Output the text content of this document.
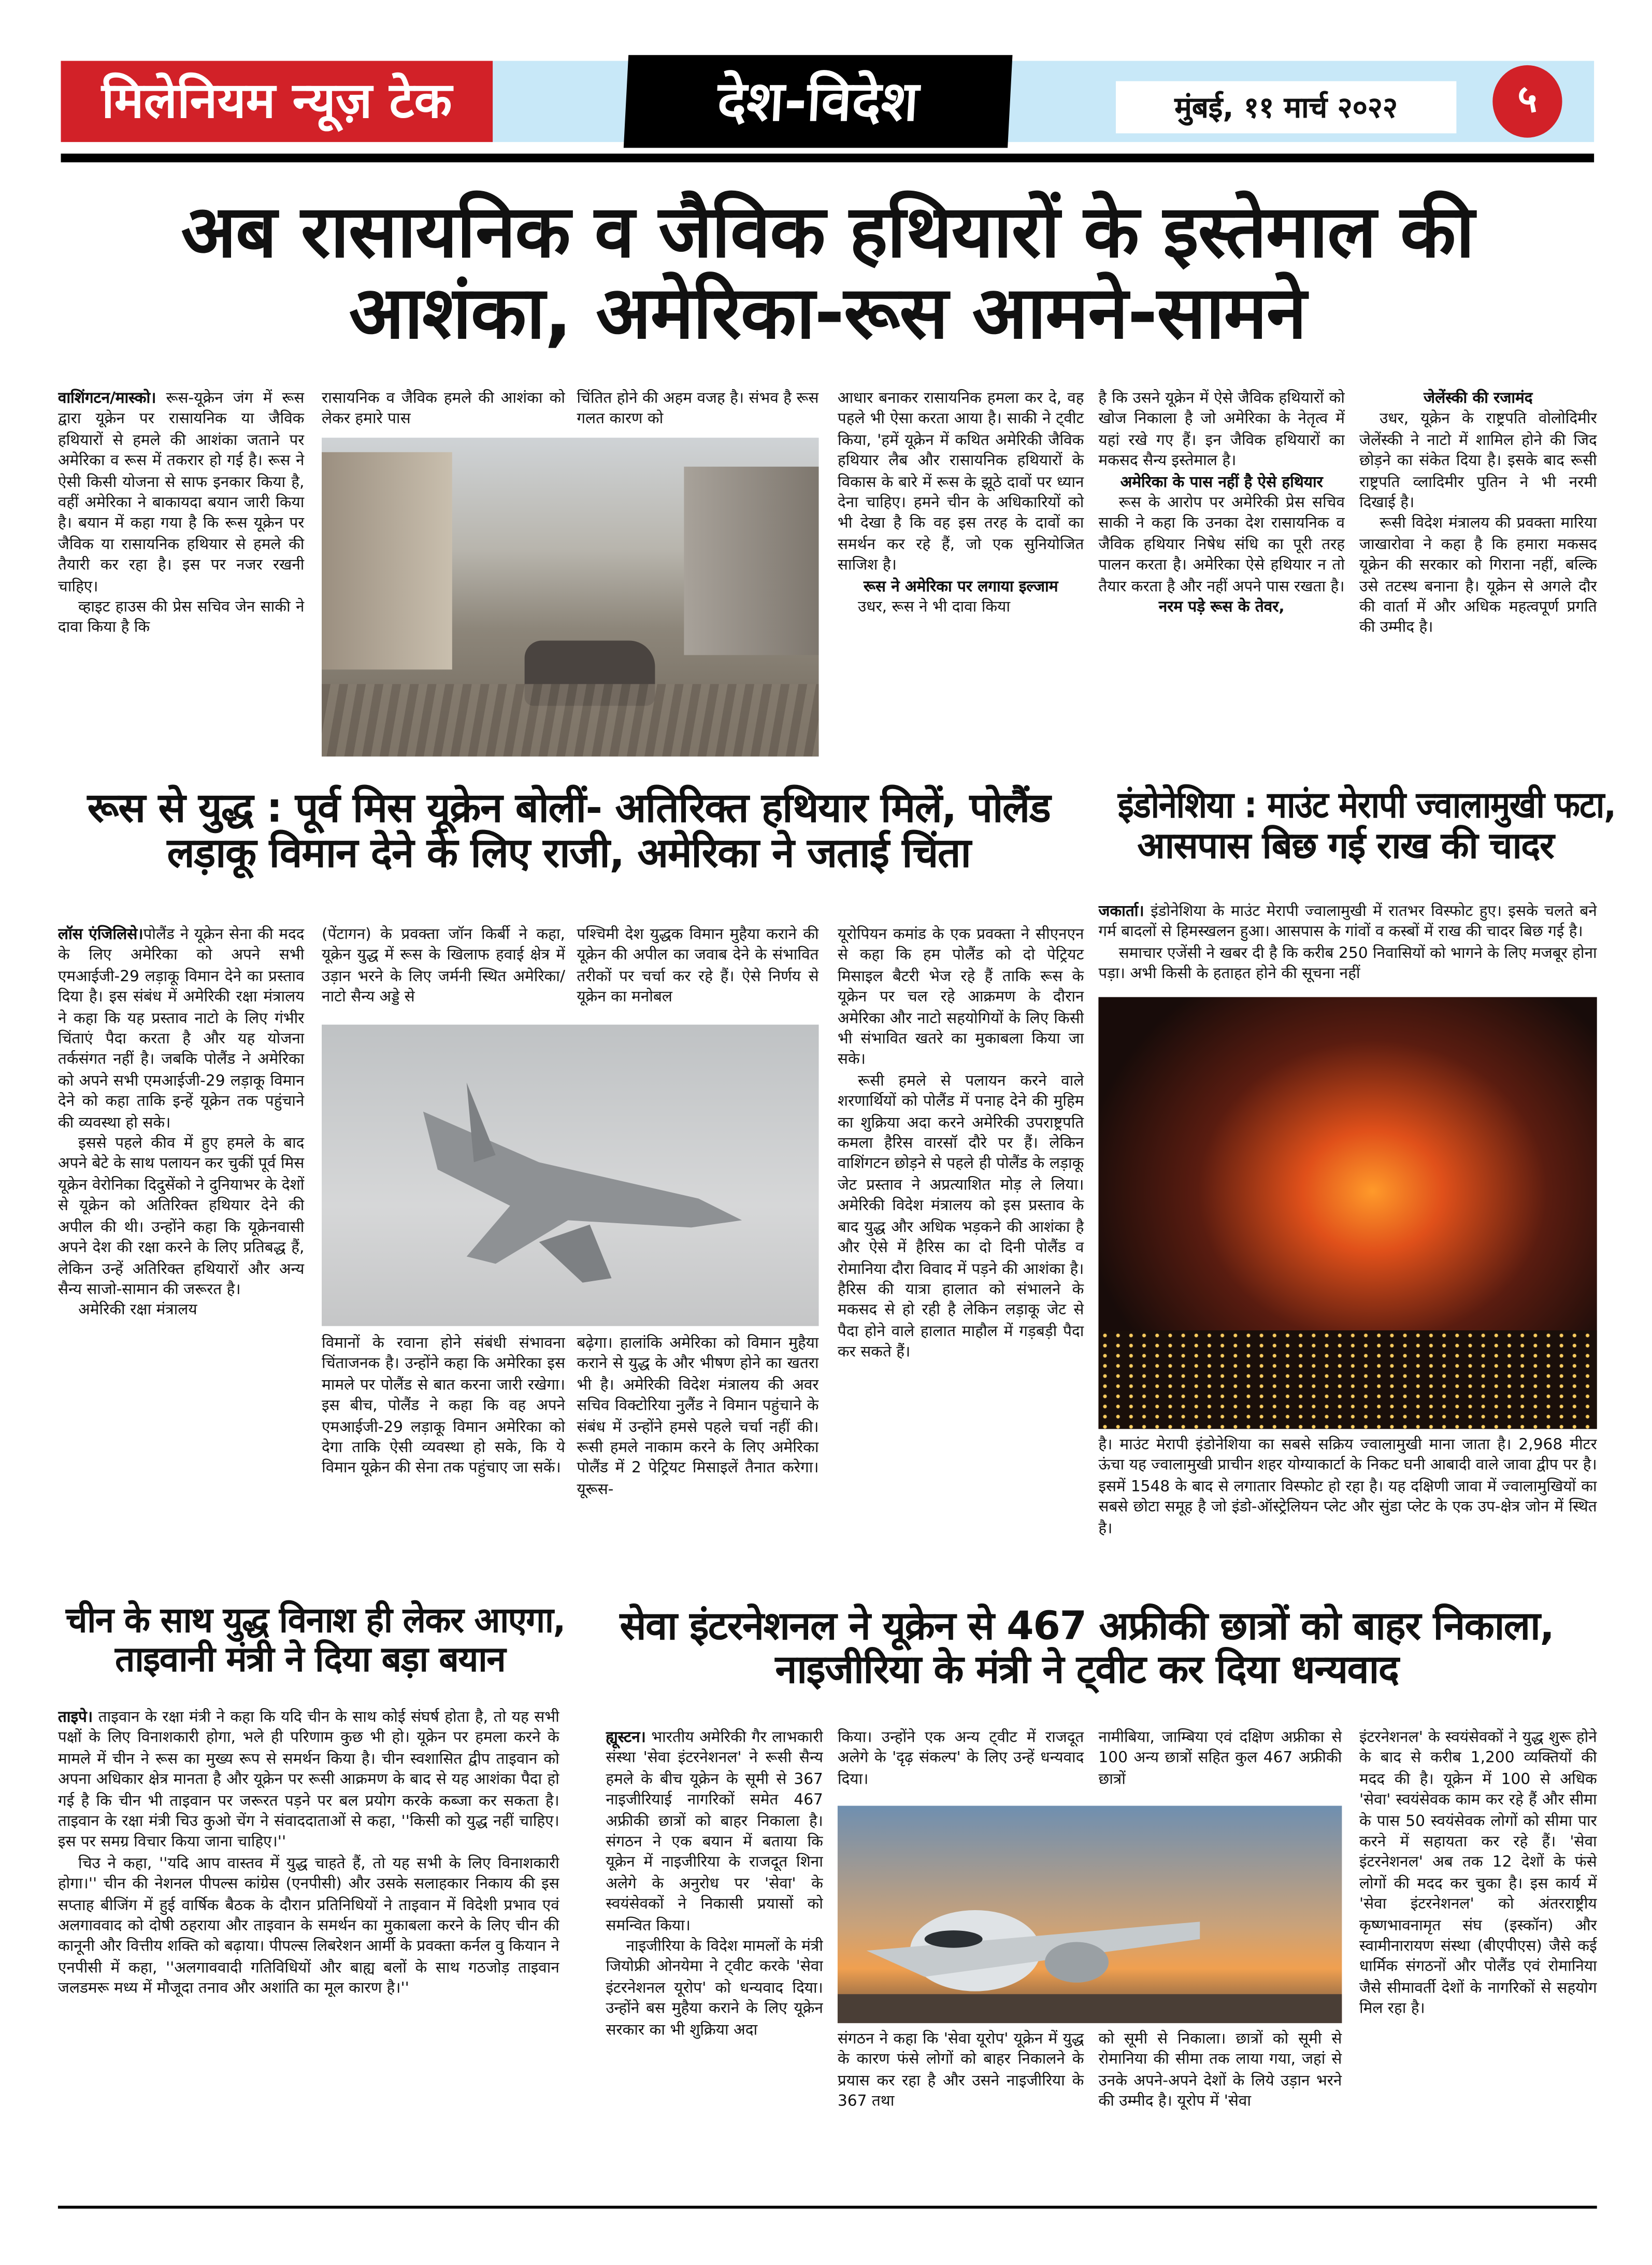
मिलेनियम न्यूज़ टेक	देश-विदेश	मुंबई, ११ मार्च २०२२	५
अब रासायनिक व जैविक हथियारों के इस्तेमाल की
आशंका, अमेरिका-रूस आमने-सामने

वाशिंगटन/मास्को। रूस-यूक्रेन जंग में रूस द्वारा यूक्रेन पर रासायनिक या जैविक हथियारों से हमले की आशंका जताने पर अमेरिका व रूस में तकरार हो गई है। रूस ने ऐसी किसी योजना से साफ इनकार किया है, वहीं अमेरिका ने बाकायदा बयान जारी किया है। बयान में कहा गया है कि रूस यूक्रेन पर जैविक या रासायनिक हथियार से हमले की तैयारी कर रहा है। इस पर नजर रखनी चाहिए।

व्हाइट हाउस की प्रेस सचिव जेन साकी ने दावा किया है कि

रासायनिक व जैविक हमले की आशंका को लेकर हमारे पास
चिंतित होने की अहम वजह है। संभव है रूस गलत कारण को

आधार बनाकर रासायनिक हमला कर दे, वह पहले भी ऐसा करता आया है। साकी ने ट्वीट किया, 'हमें यूक्रेन में कथित अमेरिकी जैविक हथियार लैब और रासायनिक हथियारों के विकास के बारे में रूस के झूठे दावों पर ध्यान देना चाहिए। हमने चीन के अधिकारियों को भी देखा है कि वह इस तरह के दावों का समर्थन कर रहे हैं, जो एक सुनियोजित साजिश है।

रूस ने अमेरिका पर लगाया इल्जाम

उधर, रूस ने भी दावा किया

है कि उसने यूक्रेन में ऐसे जैविक हथियारों को खोज निकाला है जो अमेरिका के नेतृत्व में यहां रखे गए हैं। इन जैविक हथियारों का मकसद सैन्य इस्तेमाल है।

अमेरिका के पास नहीं है ऐसे हथियार

रूस के आरोप पर अमेरिकी प्रेस सचिव साकी ने कहा कि उनका देश रासायनिक व जैविक हथियार निषेध संधि का पूरी तरह पालन करता है। अमेरिका ऐसे हथियार न तो तैयार करता है और नहीं अपने पास रखता है।

नरम पड़े रूस के तेवर,
जेलेंस्की की रजामंद

उधर, यूक्रेन के राष्ट्रपति वोलोदिमीर जेलेंस्की ने नाटो में शामिल होने की जिद छोड़ने का संकेत दिया है। इसके बाद रूसी राष्ट्रपति व्लादिमीर पुतिन ने भी नरमी दिखाई है।

रूसी विदेश मंत्रालय की प्रवक्ता मारिया जाखारोवा ने कहा है कि हमारा मकसद यूक्रेन की सरकार को गिराना नहीं, बल्कि उसे तटस्थ बनाना है। यूक्रेन से अगले दौर की वार्ता में और अधिक महत्वपूर्ण प्रगति की उम्मीद है।

रूस से युद्ध : पूर्व मिस यूक्रेन बोलीं- अतिरिक्त हथियार मिलें, पोलैंड
लड़ाकू विमान देने के लिए राजी, अमेरिका ने जताई चिंता

लॉस एंजिलिसे।पोलैंड ने यूक्रेन सेना की मदद के लिए अमेरिका को अपने सभी एमआईजी-29 लड़ाकू विमान देने का प्रस्ताव दिया है। इस संबंध में अमेरिकी रक्षा मंत्रालय ने कहा कि यह प्रस्ताव नाटो के लिए गंभीर चिंताएं पैदा करता है और यह योजना तर्कसंगत नहीं है। जबकि पोलैंड ने अमेरिका को अपने सभी एमआईजी-29 लड़ाकू विमान देने को कहा ताकि इन्हें यूक्रेन तक पहुंचाने की व्यवस्था हो सके।

इससे पहले कीव में हुए हमले के बाद अपने बेटे के साथ पलायन कर चुकीं पूर्व मिस यूक्रेन वेरोनिका दिदुसेंको ने दुनियाभर के देशों से यूक्रेन को अतिरिक्त हथियार देने की अपील की थी। उन्होंने कहा कि यूक्रेनवासी अपने देश की रक्षा करने के लिए प्रतिबद्ध हैं, लेकिन उन्हें अतिरिक्त हथियारों और अन्य सैन्य साजो-सामान की जरूरत है।

अमेरिकी रक्षा मंत्रालय

(पेंटागन) के प्रवक्ता जॉन किर्बी ने कहा, यूक्रेन युद्ध में रूस के खिलाफ हवाई क्षेत्र में उड़ान भरने के लिए जर्मनी स्थित अमेरिका/नाटो सैन्य अड्डे से
पश्चिमी देश युद्धक विमान मुहैया कराने की यूक्रेन की अपील का जवाब देने के संभावित तरीकों पर चर्चा कर रहे हैं। ऐसे निर्णय से यूक्रेन का मनोबल
विमानों के रवाना होने संबंधी संभावना चिंताजनक है। उन्होंने कहा कि अमेरिका इस मामले पर पोलैंड से बात करना जारी रखेगा। इस बीच, पोलैंड ने कहा कि वह अपने एमआईजी-29 लड़ाकू विमान अमेरिका को देगा ताकि ऐसी व्यवस्था हो सके, कि ये विमान यूक्रेन की सेना तक पहुंचाए जा सकें।
बढ़ेगा। हालांकि अमेरिका को विमान मुहैया कराने से युद्ध के और भीषण होने का खतरा भी है। अमेरिकी विदेश मंत्रालय की अवर सचिव विक्टोरिया नुलैंड ने विमान पहुंचाने के संबंध में उन्होंने हमसे पहले चर्चा नहीं की। रूसी हमले नाकाम करने के लिए अमेरिका पोलैंड में 2 पेट्रियट मिसाइलें तैनात करेगा। यूरूस-

यूरोपियन कमांड के एक प्रवक्ता ने सीएनएन से कहा कि हम पोलैंड को दो पेट्रियट मिसाइल बैटरी भेज रहे हैं ताकि रूस के यूक्रेन पर चल रहे आक्रमण के दौरान अमेरिका और नाटो सहयोगियों के लिए किसी भी संभावित खतरे का मुकाबला किया जा सके।

रूसी हमले से पलायन करने वाले शरणार्थियों को पोलैंड में पनाह देने की मुहिम का शुक्रिया अदा करने अमेरिकी उपराष्ट्रपति कमला हैरिस वारसॉ दौरे पर हैं। लेकिन वाशिंगटन छोड़ने से पहले ही पोलैंड के लड़ाकू जेट प्रस्ताव ने अप्रत्याशित मोड़ ले लिया। अमेरिकी विदेश मंत्रालय को इस प्रस्ताव के बाद युद्ध और अधिक भड़कने की आशंका है और ऐसे में हैरिस का दो दिनी पोलैंड व रोमानिया दौरा विवाद में पड़ने की आशंका है। हैरिस की यात्रा हालात को संभालने के मकसद से हो रही है लेकिन लड़ाकू जेट से पैदा होने वाले हालात माहौल में गड़बड़ी पैदा कर सकते हैं।

इंडोनेशिया : माउंट मेरापी ज्वालामुखी फटा,
आसपास बिछ गई राख की चादर

जकार्ता। इंडोनेशिया के माउंट मेरापी ज्वालामुखी में रातभर विस्फोट हुए। इसके चलते बने गर्म बादलों से हिमस्खलन हुआ। आसपास के गांवों व कस्बों में राख की चादर बिछ गई है।

समाचार एजेंसी ने खबर दी है कि करीब 250 निवासियों को भागने के लिए मजबूर होना पड़ा। अभी किसी के हताहत होने की सूचना नहीं

है। माउंट मेरापी इंडोनेशिया का सबसे सक्रिय ज्वालामुखी माना जाता है। 2,968 मीटर ऊंचा यह ज्वालामुखी प्राचीन शहर योग्याकार्टा के निकट घनी आबादी वाले जावा द्वीप पर है। इसमें 1548 के बाद से लगातार विस्फोट हो रहा है। यह दक्षिणी जावा में ज्वालामुखियों का सबसे छोटा समूह है जो इंडो-ऑस्ट्रेलियन प्लेट और सुंडा प्लेट के एक उप-क्षेत्र जोन में स्थित है।
चीन के साथ युद्ध विनाश ही लेकर आएगा,
ताइवानी मंत्री ने दिया बड़ा बयान

ताइपे। ताइवान के रक्षा मंत्री ने कहा कि यदि चीन के साथ कोई संघर्ष होता है, तो यह सभी पक्षों के लिए विनाशकारी होगा, भले ही परिणाम कुछ भी हो। यूक्रेन पर हमला करने के मामले में चीन ने रूस का मुख्य रूप से समर्थन किया है। चीन स्वशासित द्वीप ताइवान को अपना अधिकार क्षेत्र मानता है और यूक्रेन पर रूसी आक्रमण के बाद से यह आशंका पैदा हो गई है कि चीन भी ताइवान पर जरूरत पड़ने पर बल प्रयोग करके कब्जा कर सकता है। ताइवान के रक्षा मंत्री चिउ कुओ चेंग ने संवाददाताओं से कहा, ''किसी को युद्ध नहीं चाहिए। इस पर समग्र विचार किया जाना चाहिए।''

चिउ ने कहा, ''यदि आप वास्तव में युद्ध चाहते हैं, तो यह सभी के लिए विनाशकारी होगा।'' चीन की नेशनल पीपल्स कांग्रेस (एनपीसी) और उसके सलाहकार निकाय की इस सप्ताह बीजिंग में हुई वार्षिक बैठक के दौरान प्रतिनिधियों ने ताइवान में विदेशी प्रभाव एवं अलगाववाद को दोषी ठहराया और ताइवान के समर्थन का मुकाबला करने के लिए चीन की कानूनी और वित्तीय शक्ति को बढ़ाया। पीपल्स लिबरेशन आर्मी के प्रवक्ता कर्नल वु कियान ने एनपीसी में कहा, ''अलगाववादी गतिविधियों और बाह्य बलों के साथ गठजोड़ ताइवान जलडमरू मध्य में मौजूदा तनाव और अशांति का मूल कारण है।''

सेवा इंटरनेशनल ने यूक्रेन से 467 अफ्रीकी छात्रों को बाहर निकाला,
नाइजीरिया के मंत्री ने ट्वीट कर दिया धन्यवाद

ह्यूस्टन। भारतीय अमेरिकी गैर लाभकारी संस्था 'सेवा इंटरनेशनल' ने रूसी सैन्य हमले के बीच यूक्रेन के सूमी से 367 नाइजीरियाई नागरिकों समेत 467 अफ्रीकी छात्रों को बाहर निकाला है। संगठन ने एक बयान में बताया कि यूक्रेन में नाइजीरिया के राजदूत शिना अलेगे के अनुरोध पर 'सेवा' के स्वयंसेवकों ने निकासी प्रयासों को समन्वित किया।

नाइजीरिया के विदेश मामलों के मंत्री जियोफ्री ओनयेमा ने ट्वीट करके 'सेवा इंटरनेशनल यूरोप' को धन्यवाद दिया। उन्होंने बस मुहैया कराने के लिए यूक्रेन सरकार का भी शुक्रिया अदा

किया। उन्होंने एक अन्य ट्वीट में राजदूत अलेगे के 'दृढ़ संकल्प' के लिए उन्हें धन्यवाद दिया।
नामीबिया, जाम्बिया एवं दक्षिण अफ्रीका से 100 अन्य छात्रों सहित कुल 467 अफ्रीकी छात्रों
संगठन ने कहा कि 'सेवा यूरोप' यूक्रेन में युद्ध के कारण फंसे लोगों को बाहर निकालने के प्रयास कर रहा है और उसने नाइजीरिया के 367 तथा
को सूमी से निकाला। छात्रों को सूमी से रोमानिया की सीमा तक लाया गया, जहां से उनके अपने-अपने देशों के लिये उड़ान भरने की उम्मीद है। यूरोप में 'सेवा
इंटरनेशनल' के स्वयंसेवकों ने युद्ध शुरू होने के बाद से करीब 1,200 व्यक्तियों की मदद की है। यूक्रेन में 100 से अधिक 'सेवा' स्वयंसेवक काम कर रहे हैं और सीमा के पास 50 स्वयंसेवक लोगों को सीमा पार करने में सहायता कर रहे हैं। 'सेवा इंटरनेशनल' अब तक 12 देशों के फंसे लोगों की मदद कर चुका है। इस कार्य में 'सेवा इंटरनेशनल' को अंतरराष्ट्रीय कृष्णभावनामृत संघ (इस्कॉन) और स्वामीनारायण संस्था (बीएपीएस) जैसे कई धार्मिक संगठनों और पोलैंड एवं रोमानिया जैसे सीमावर्ती देशों के नागरिकों से सहयोग मिल रहा है।
